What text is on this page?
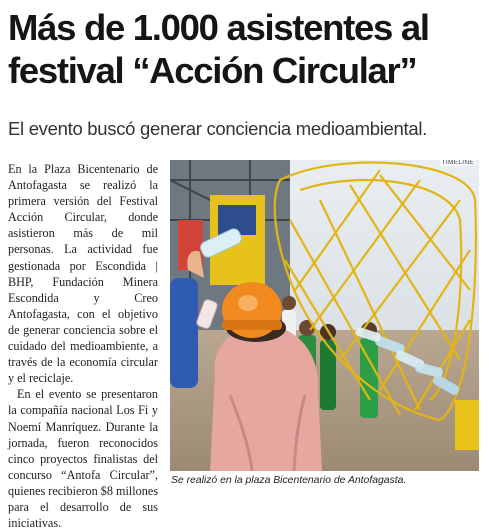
Más de 1.000 asistentes al
festival “Acción Circular”

El evento buscó generar conciencia medioambiental.

En la Plaza Bicentenario de Antofagasta se realizó la primera versión del Festival Acción Circular, donde asistieron más de mil personas. La actividad fue gestionada por Escondida | BHP, Fundación Minera Escondida y Creo Antofagasta, con el objetivo de generar conciencia sobre el cuidado del medioambiente, a través de la economía circular y el reciclaje.

En el evento se presentaron la compañía nacional Los Fi y Noemí Manríquez. Durante la jornada, fueron reconocidos cinco proyectos finalistas del concurso “Antofa Circular”, quienes recibieron $8 millones para el desarrollo de sus iniciativas.

TIMELINE
Se realizó en la plaza Bicentenario de Antofagasta.
